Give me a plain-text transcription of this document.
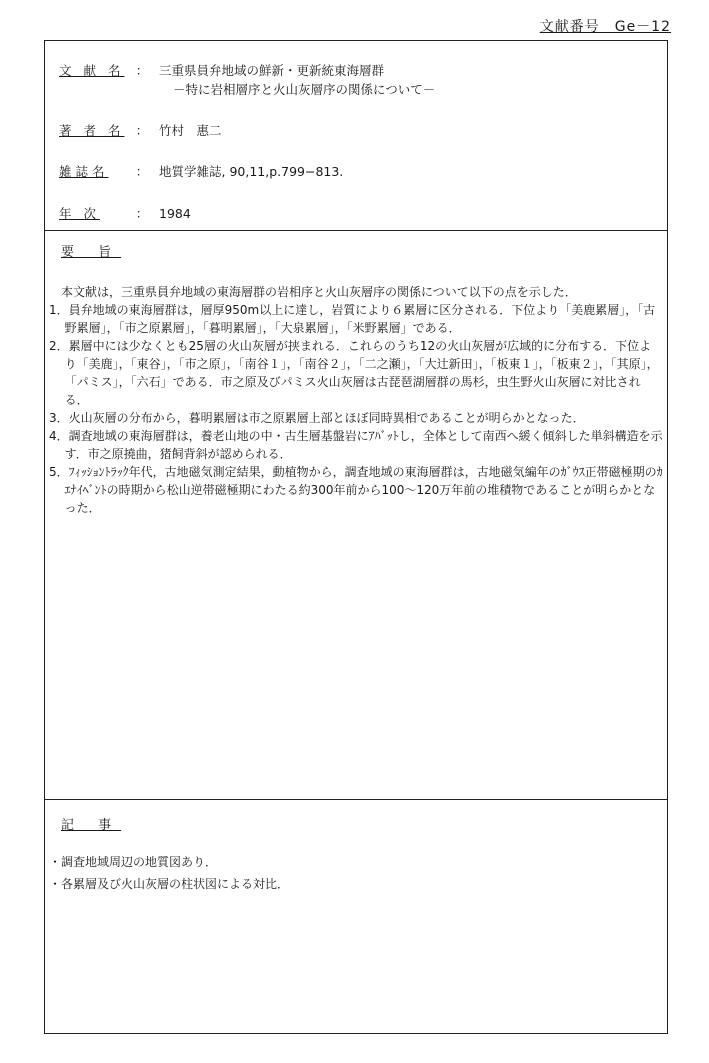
文献番号　Ge－12
文 献 名 ： 三重県員弁地域の鮮新・更新統東海層群
－特に岩相層序と火山灰層序の関係について－
著 者 名 ： 竹村　惠二
雑誌名 ： 地質学雑誌, 90,11,p.799−813.
年 次	： 1984
要 旨

本文献は，三重県員弁地域の東海層群の岩相序と火山灰層序の関係について以下の点を示した．

1．員弁地域の東海層群は，層厚950m以上に達し，岩質により６累層に区分される．下位より「美鹿累層」，「古野累層」，「市之原累層」，「暮明累層」，「大泉累層」，「米野累層」である．

2．累層中には少なくとも25層の火山灰層が挟まれる．これらのうち12の火山灰層が広域的に分布する．下位より「美鹿」，「東谷」，「市之原」，「南谷１」，「南谷２」，「二之瀬」，「大辻新田」，「板東１」，「板東２」，「其原」，「パミス」，「六石」である．市之原及びパミス火山灰層は古琵琶湖層群の馬杉，虫生野火山灰層に対比される．

3．火山灰層の分布から，暮明累層は市之原累層上部とほぼ同時異相であることが明らかとなった．

4．調査地域の東海層群は，養老山地の中・古生層基盤岩にｱﾊﾞｯﾄし，全体として南西へ緩く傾斜した単斜構造を示す．市之原撓曲，猪飼背斜が認められる．

5．ﾌｨｯｼｮﾝﾄﾗｯｸ年代，古地磁気測定結果，動植物から，調査地域の東海層群は，古地磁気編年のｶﾞｳｽ正帯磁極期のｶｴﾅｲﾍﾞﾝﾄの時期から松山逆帯磁極期にわたる約300年前から100～120万年前の堆積物であることが明らかとなった．

記 事

・調査地域周辺の地質図あり．

・各累層及び火山灰層の柱状図による対比．
